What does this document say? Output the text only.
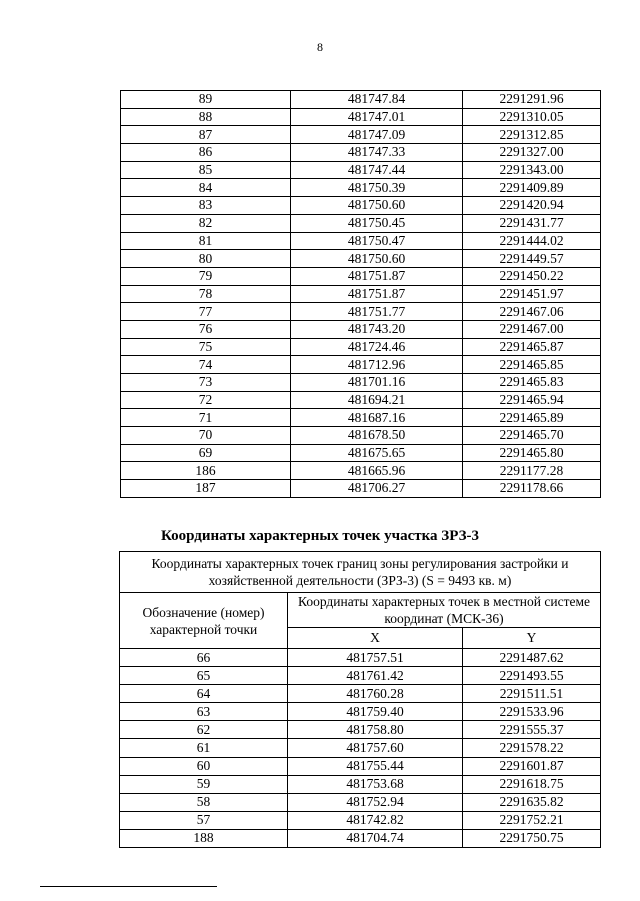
8
89	481747.84	2291291.96
88	481747.01	2291310.05
87	481747.09	2291312.85
86	481747.33	2291327.00
85	481747.44	2291343.00
84	481750.39	2291409.89
83	481750.60	2291420.94
82	481750.45	2291431.77
81	481750.47	2291444.02
80	481750.60	2291449.57
79	481751.87	2291450.22
78	481751.87	2291451.97
77	481751.77	2291467.06
76	481743.20	2291467.00
75	481724.46	2291465.87
74	481712.96	2291465.85
73	481701.16	2291465.83
72	481694.21	2291465.94
71	481687.16	2291465.89
70	481678.50	2291465.70
69	481675.65	2291465.80
186	481665.96	2291177.28
187	481706.27	2291178.66
Координаты характерных точек участка ЗРЗ-3
Координаты характерных точек границ зоны регулирования застройки и хозяйственной деятельности (ЗРЗ-3) (S = 9493 кв. м)		
Обозначение (номер) характерной точки	Координаты характерных точек в местной системе координат (МСК-36)	
	X	Y
66	481757.51	2291487.62
65	481761.42	2291493.55
64	481760.28	2291511.51
63	481759.40	2291533.96
62	481758.80	2291555.37
61	481757.60	2291578.22
60	481755.44	2291601.87
59	481753.68	2291618.75
58	481752.94	2291635.82
57	481742.82	2291752.21
188	481704.74	2291750.75
